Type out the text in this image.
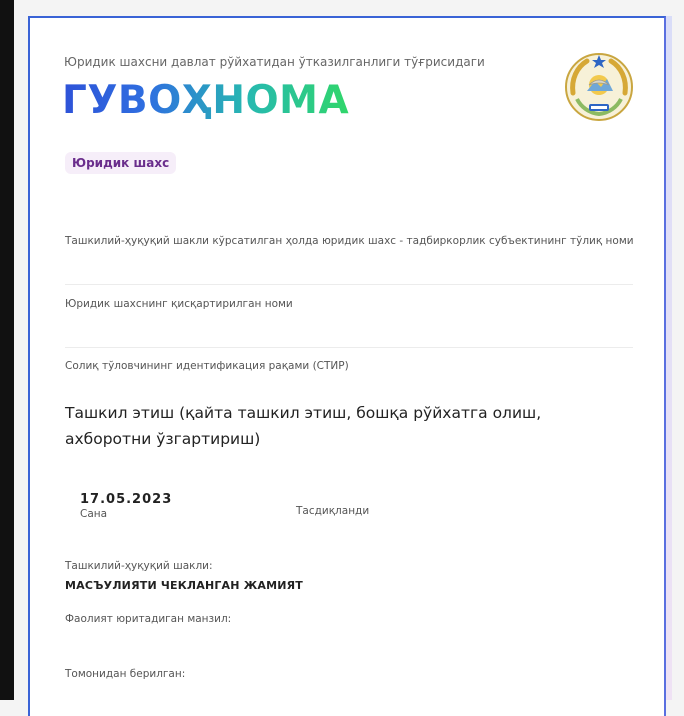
Юридик шахсни давлат рўйхатидан ўтказилганлиги тўғрисидаги
ГУВОҲНОМА
Юридик шахс
Ташкилий-ҳуқуқий шакли кўрсатилган ҳолда юридик шахс - тадбиркорлик субъектининг тўлиқ номи
Юридик шахснинг қисқартирилган номи
Солиқ тўловчининг идентификация рақами (СТИР)
Ташкил этиш (қайта ташкил этиш, бошқа рўйхатга олиш, ахборотни ўзгартириш)
17.05.2023
Сана	Тасдиқланди
Ташкилий-ҳуқуқий шакли:
МАСЪУЛИЯТИ ЧЕКЛАНГАН ЖАМИЯТ
Фаолият юритадиган манзил:
Томонидан берилган:
